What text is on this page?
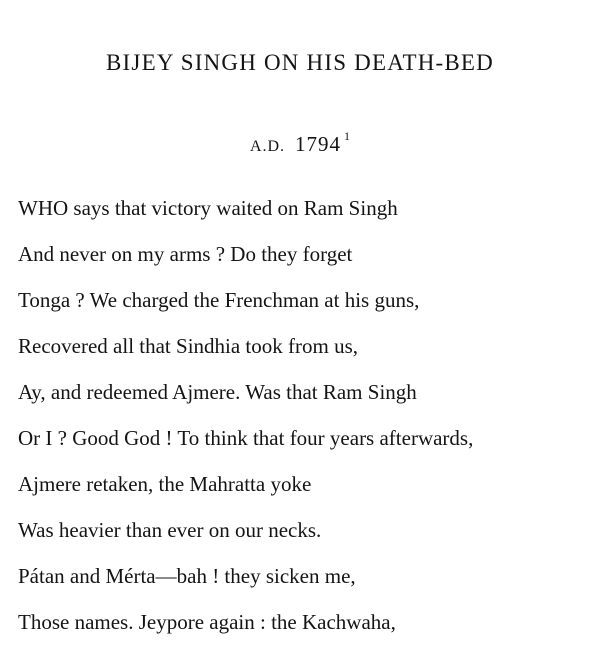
BIJEY SINGH ON HIS DEATH-BED
A.D. 1794 $^1$
WHO says that victory waited on Ram Singh
And never on my arms ? Do they forget
Tonga ? We charged the Frenchman at his guns,
Recovered all that Sindhia took from us,
Ay, and redeemed Ajmere. Was that Ram Singh
Or I ? Good God ! To think that four years afterwards,
Ajmere retaken, the Mahratta yoke
Was heavier than ever on our necks.
Pátan and Mérta—bah ! they sicken me,
Those names. Jeypore again : the Kachwaha,
